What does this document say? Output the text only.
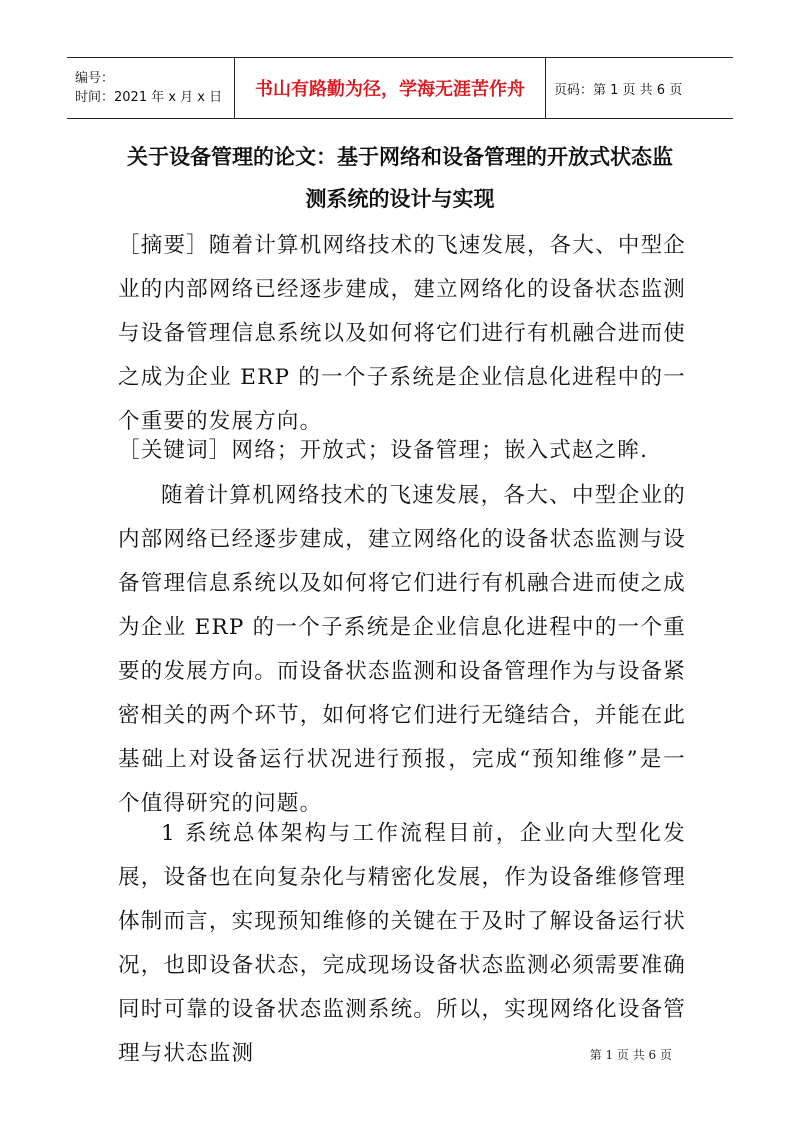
编号：
时间：2021 年 x 月 x 日	书山有路勤为径，学海无涯苦作舟 页码：第 1 页 共 6 页
关于设备管理的论文：基于网络和设备管理的开放式状态监
测系统的设计与实现
［摘要］随着计算机网络技术的飞速发展，各大、中型企业的内部网络已经逐步建成，建立网络化的设备状态监测与设备管理信息系统以及如何将它们进行有机融合进而使之成为企业 ERP 的一个子系统是企业信息化进程中的一个重要的发展方向。
［关键词］网络；开放式；设备管理；嵌入式赵之眸.
随着计算机网络技术的飞速发展，各大、中型企业的内部网络已经逐步建成，建立网络化的设备状态监测与设备管理信息系统以及如何将它们进行有机融合进而使之成为企业 ERP 的一个子系统是企业信息化进程中的一个重要的发展方向。而设备状态监测和设备管理作为与设备紧密相关的两个环节，如何将它们进行无缝结合，并能在此基础上对设备运行状况进行预报，完成“预知维修”是一个值得研究的问题。
1 系统总体架构与工作流程目前，企业向大型化发展，设备也在向复杂化与精密化发展，作为设备维修管理体制而言，实现预知维修的关键在于及时了解设备运行状况，也即设备状态，完成现场设备状态监测必须需要准确同时可靠的设备状态监测系统。所以，实现网络化设备管理与状态监测	第 1 页 共 6 页
